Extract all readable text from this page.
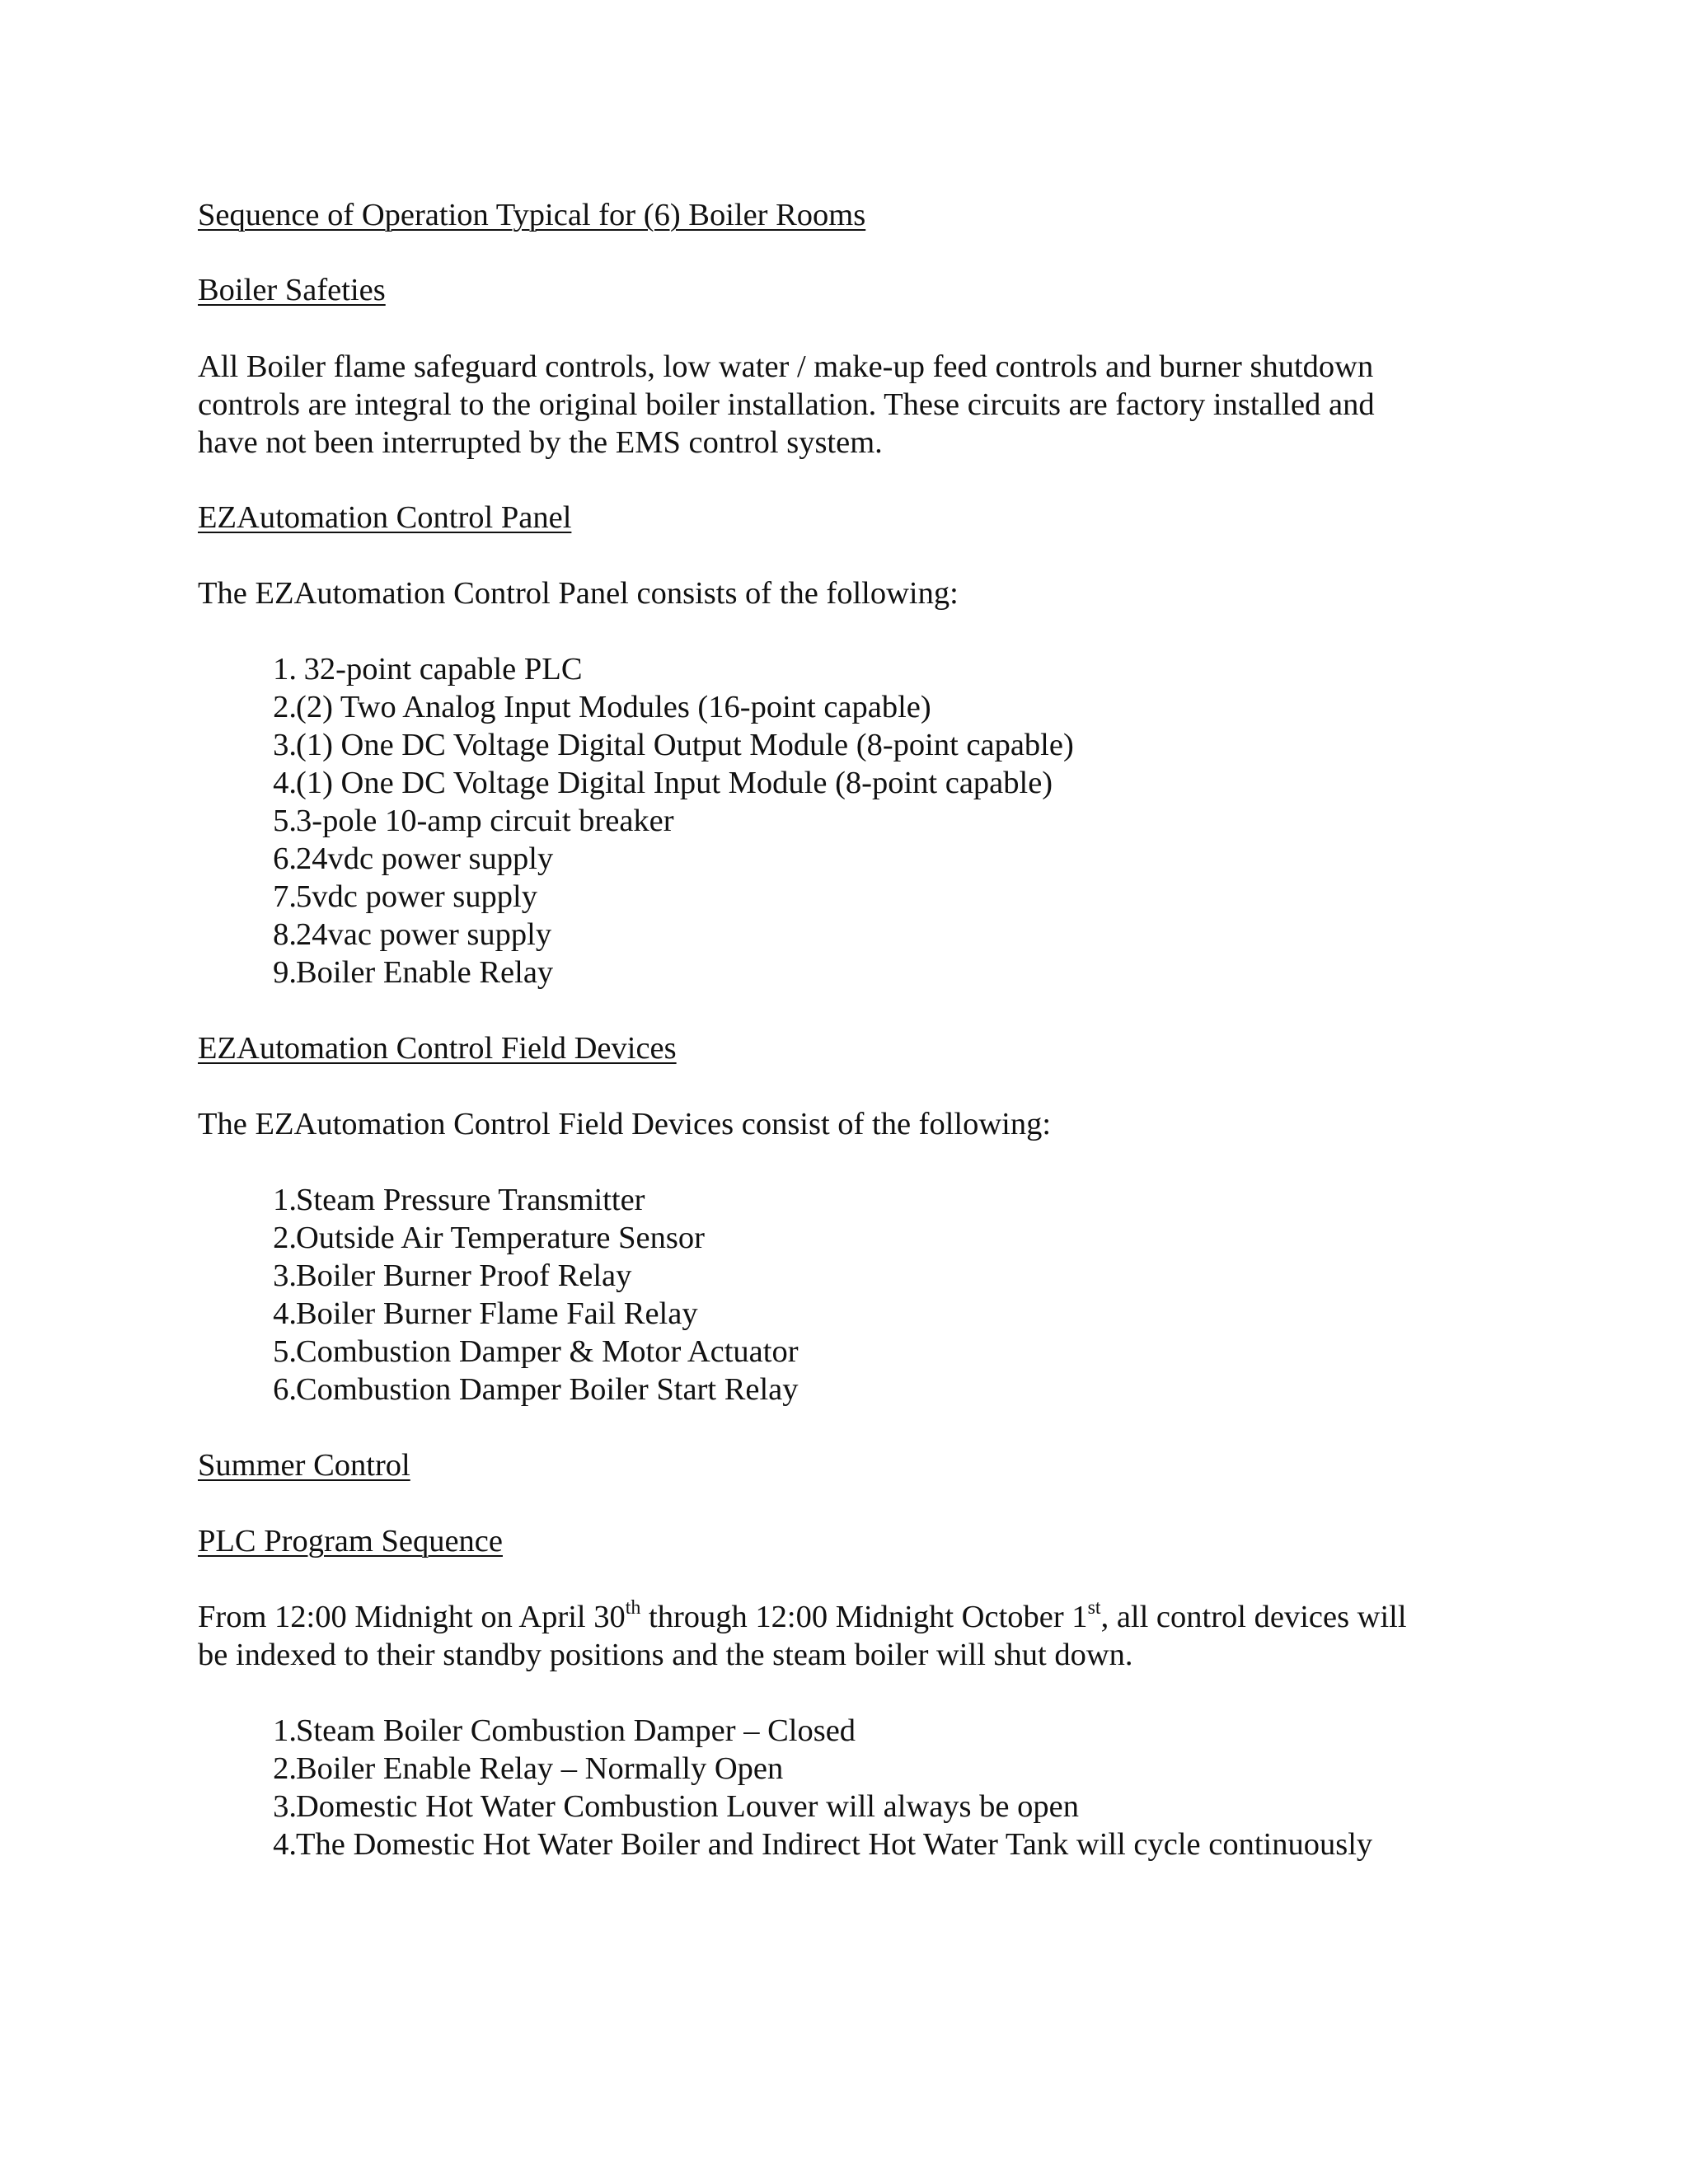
Sequence of Operation Typical for (6) Boiler Rooms

Boiler Safeties

All Boiler flame safeguard controls, low water / make-up feed controls and burner shutdown

controls are integral to the original boiler installation. These circuits are factory installed and

have not been interrupted by the EMS control system.

EZAutomation Control Panel

The EZAutomation Control Panel consists of the following:

1. 32-point capable PLC
2. (2) Two Analog Input Modules (16-point capable)
3. (1) One DC Voltage Digital Output Module (8-point capable)
4. (1) One DC Voltage Digital Input Module (8-point capable)
5. 3-pole 10-amp circuit breaker
6. 24vdc power supply
7. 5vdc power supply
8. 24vac power supply
9. Boiler Enable Relay

EZAutomation Control Field Devices

The EZAutomation Control Field Devices consist of the following:

1. Steam Pressure Transmitter
2. Outside Air Temperature Sensor
3. Boiler Burner Proof Relay
4. Boiler Burner Flame Fail Relay
5. Combustion Damper & Motor Actuator
6. Combustion Damper Boiler Start Relay

Summer Control

PLC Program Sequence

From 12:00 Midnight on April 30th through 12:00 Midnight October 1st, all control devices will

be indexed to their standby positions and the steam boiler will shut down.

1. Steam Boiler Combustion Damper – Closed
2. Boiler Enable Relay – Normally Open
3. Domestic Hot Water Combustion Louver will always be open
4. The Domestic Hot Water Boiler and Indirect Hot Water Tank will cycle continuously
